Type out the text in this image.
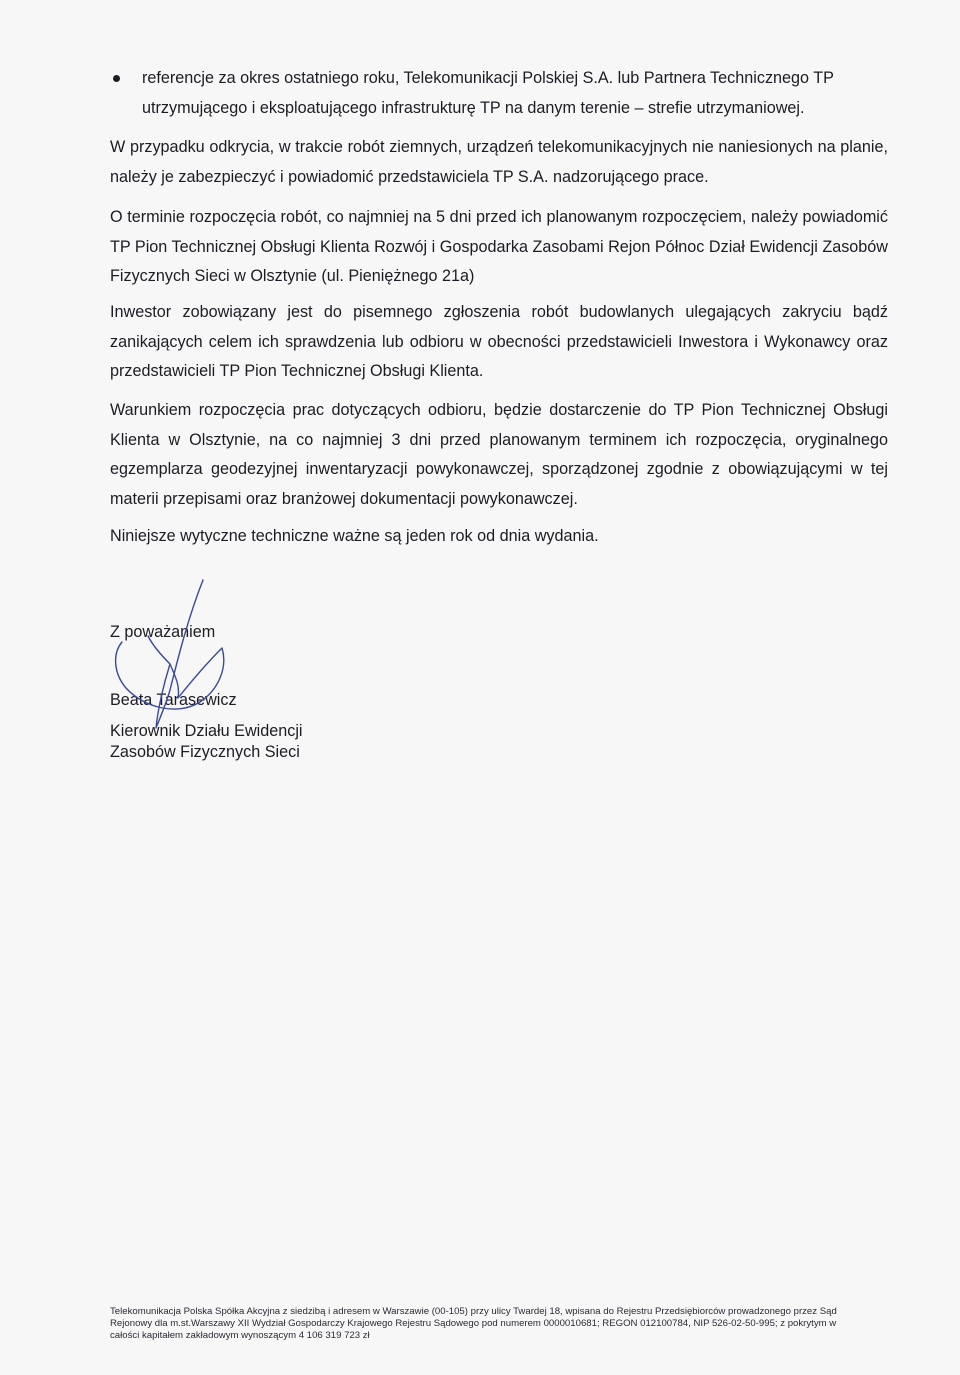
referencje za okres ostatniego roku, Telekomunikacji Polskiej S.A. lub Partnera Technicznego TP utrzymującego i eksploatującego infrastrukturę TP na danym terenie – strefie utrzymaniowej.

W przypadku odkrycia, w trakcie robót ziemnych, urządzeń telekomunikacyjnych nie naniesionych na planie, należy je zabezpieczyć i powiadomić przedstawiciela TP S.A. nadzorującego prace.

O terminie rozpoczęcia robót, co najmniej na 5 dni przed ich planowanym rozpoczęciem, należy powiadomić TP Pion Technicznej Obsługi Klienta Rozwój i Gospodarka Zasobami Rejon Północ Dział Ewidencji Zasobów Fizycznych Sieci w Olsztynie (ul. Pieniężnego 21a)

Inwestor zobowiązany jest do pisemnego zgłoszenia robót budowlanych ulegających zakryciu bądź zanikających celem ich sprawdzenia lub odbioru w obecności przedstawicieli Inwestora i Wykonawcy oraz przedstawicieli TP Pion Technicznej Obsługi Klienta.

Warunkiem rozpoczęcia prac dotyczących odbioru, będzie dostarczenie do TP Pion Technicznej Obsługi Klienta w Olsztynie, na co najmniej 3 dni przed planowanym terminem ich rozpoczęcia, oryginalnego egzemplarza geodezyjnej inwentaryzacji powykonawczej, sporządzonej zgodnie z obowiązującymi w tej materii przepisami oraz branżowej dokumentacji powykonawczej.

Niniejsze wytyczne techniczne ważne są jeden rok od dnia wydania.

Z poważaniem
Beata Tarasewicz
Kierownik Działu Ewidencji
Zasobów Fizycznych Sieci
Telekomunikacja Polska Spółka Akcyjna z siedzibą i adresem w Warszawie (00-105) przy ulicy Twardej 18, wpisana do Rejestru Przedsiębiorców prowadzonego przez Sąd
Rejonowy dla m.st.Warszawy XII Wydział Gospodarczy Krajowego Rejestru Sądowego pod numerem 0000010681; REGON 012100784, NIP 526-02-50-995; z pokrytym w
całości kapitałem zakładowym wynoszącym 4 106 319 723 zł
